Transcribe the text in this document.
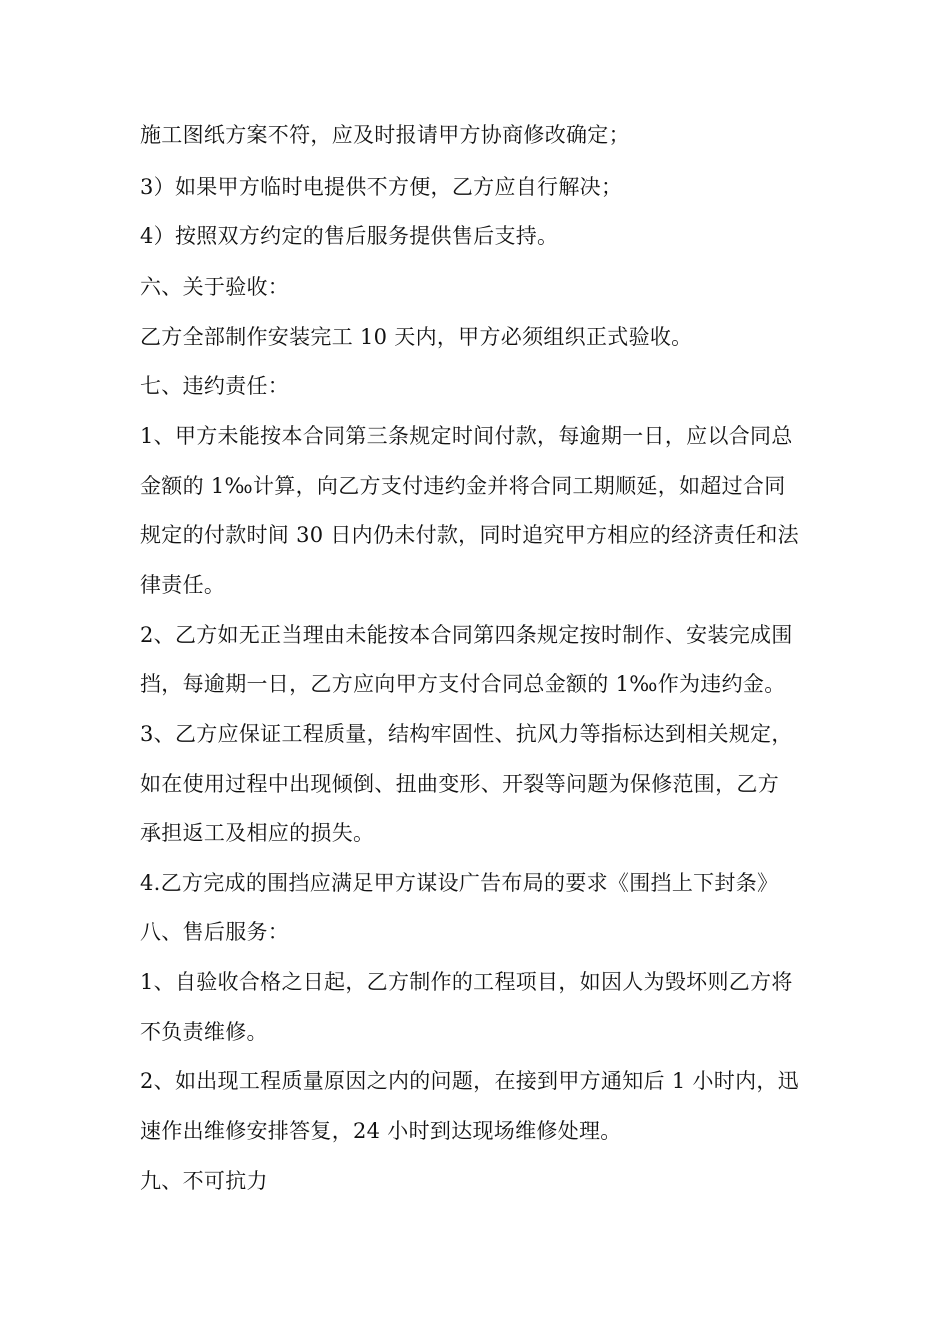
施工图纸方案不符，应及时报请甲方协商修改确定；
3）如果甲方临时电提供不方便，乙方应自行解决；
4）按照双方约定的售后服务提供售后支持。
六、关于验收：
乙方全部制作安装完工 10 天内，甲方必须组织正式验收。
七、违约责任：
1、甲方未能按本合同第三条规定时间付款，每逾期一日，应以合同总
金额的 1‰计算，向乙方支付违约金并将合同工期顺延，如超过合同
规定的付款时间 30 日内仍未付款，同时追究甲方相应的经济责任和法
律责任。
2、乙方如无正当理由未能按本合同第四条规定按时制作、安装完成围
挡，每逾期一日，乙方应向甲方支付合同总金额的 1‰作为违约金。
3、乙方应保证工程质量，结构牢固性、抗风力等指标达到相关规定，
如在使用过程中出现倾倒、扭曲变形、开裂等问题为保修范围，乙方
承担返工及相应的损失。
4.乙方完成的围挡应满足甲方谋设广告布局的要求《围挡上下封条》
八、售后服务：
1、自验收合格之日起，乙方制作的工程项目，如因人为毁坏则乙方将
不负责维修。
2、如出现工程质量原因之内的问题，在接到甲方通知后 1 小时内，迅
速作出维修安排答复，24 小时到达现场维修处理。
九、不可抗力
